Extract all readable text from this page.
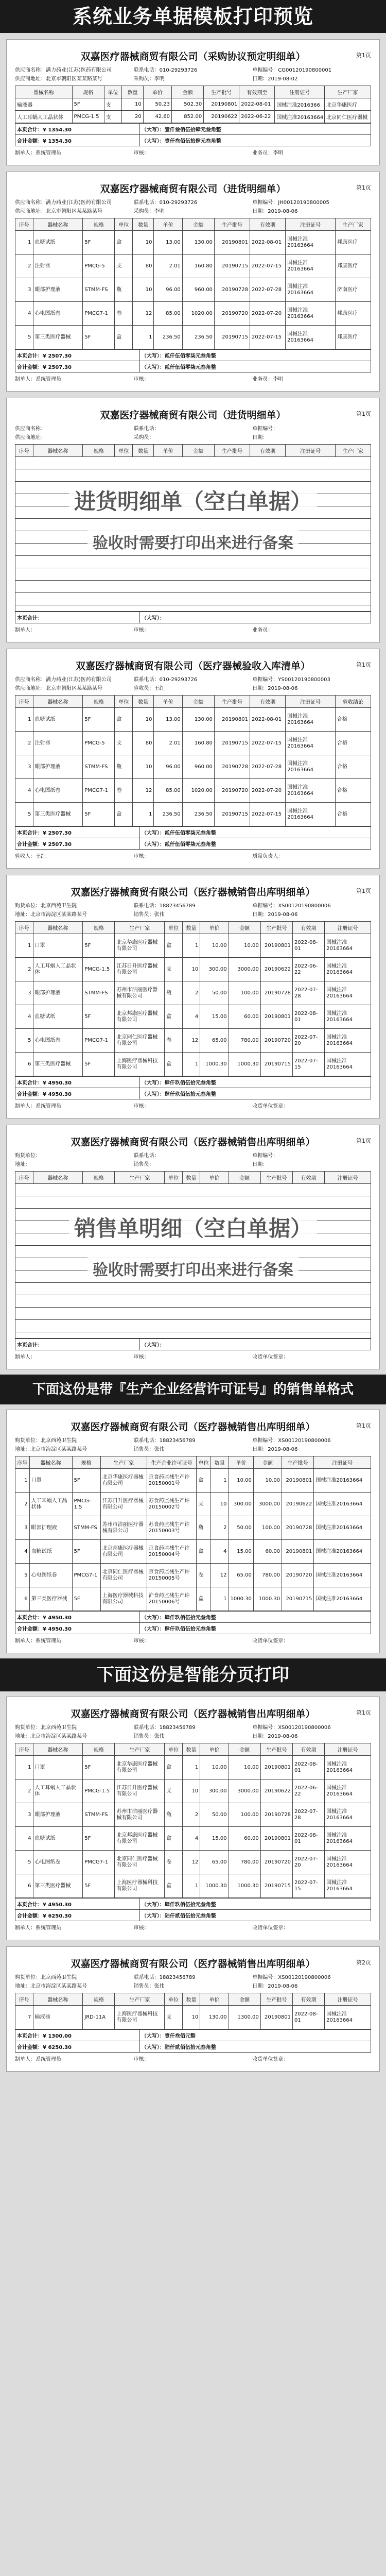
系统业务单据模板打印预览
双嘉医疗器械商贸有限公司（采购协议预定明细单）	第1页
供应商名称：满力药业(江苏)医药有限公司	联系电话：010-29293726	单据编号：CG00120190800001
供应商地址：北京市朝阳区某某路某号	采购员：李明	日期：2019-08-02
器械名称	规格	单位	数量	单价	金额	生产批号	有效期至	注册证号	生产厂家
输液器	5F	支	10	50.23	502.30	20190801	2022-08-01	国械注准2016366	北京华康医疗
人工耳蜗人工晶状体	PMCG-1.5	支	20	42.60	852.00	20190622	2022-06-22	国械注准20163664	北京同仁医疗器械
本页合计：¥ 1354.30	（大写）：壹仟叁佰伍拾肆元叁角整
合计金额：¥ 1354.30	（大写）：壹仟叁佰伍拾肆元叁角整
制单人：系统管理员	审核：	业务员：李明
双嘉医疗器械商贸有限公司（进货明细单）	第1页
供应商名称：满力药业(江苏)医药有限公司	联系电话：010-29293726	单据编号：JH00120190800005
供应商地址：北京市朝阳区某某路某号	采购员：李明	日期：2019-08-06
序号	器械名称	规格	单位	数量	单价	金额	生产批号	有效期	注册证号	生产厂家
1	血糖试纸	5F	盒	10	13.00	130.00	20190801	2022-08-01	国械注准20163664	邦康医疗
2	注射器	PMCG-5	支	80	2.01	160.80	20190715	2022-07-15	国械注准20163664	邦康医疗
3	眼部护理液	STMM-FS	瓶	10	96.00	960.00	20190728	2022-07-28	国械注准20163664	济南医疗
4	心电图纸卷	PMCG7-1	卷	12	85.00	1020.00	20190720	2022-07-20	国械注准20163664	邦康医疗
5	第三类医疗器械	5F	盒	1	236.50	236.50	20190715	2022-07-15	国械注准20163664	邦康医疗
本页合计：¥ 2507.30	（大写）：贰仟伍佰零柒元叁角整
合计金额：¥ 2507.30	（大写）：贰仟伍佰零柒元叁角整
制单人：系统管理员	审核：	业务员：李明
双嘉医疗器械商贸有限公司（进货明细单）	第1页
供应商名称：	联系电话：	单据编号：
供应商地址：	采购员：	日期：
序号	器械名称	规格	单位	数量	单价	金额	生产批号	有效期	注册证号	生产厂家
进货明细单（空白单据）
验收时需要打印出来进行备案
本页合计：	（大写）：
制单人：	审核：	业务员：
双嘉医疗器械商贸有限公司（医疗器械验收入库清单）	第1页
供应商名称：满力药业(江苏)医药有限公司	联系电话：010-29293726	单据编号：YS00120190800003
供应商地址：北京市朝阳区某某路某号	验收员：王红	日期：2019-08-06
序号	器械名称	规格	单位	数量	单价	金额	生产批号	有效期	注册证号	验收结论
1	血糖试纸	5F	盒	10	13.00	130.00	20190801	2022-08-01	国械注准20163664	合格
2	注射器	PMCG-5	支	80	2.01	160.80	20190715	2022-07-15	国械注准20163664	合格
3	眼部护理液	STMM-FS	瓶	10	96.00	960.00	20190728	2022-07-28	国械注准20163664	合格
4	心电图纸卷	PMCG7-1	卷	12	85.00	1020.00	20190720	2022-07-20	国械注准20163664	合格
5	第三类医疗器械	5F	盒	1	236.50	236.50	20190715	2022-07-15	国械注准20163664	合格
本页合计：¥ 2507.30	（大写）：贰仟伍佰零柒元叁角整
合计金额：¥ 2507.30	（大写）：贰仟伍佰零柒元叁角整
验收人：王红	审核：	质量负责人：
双嘉医疗器械商贸有限公司（医疗器械销售出库明细单）	第1页
购货单位：北京西苑卫生院	联系电话：18823456789	单据编号：XS00120190800006
地址：北京市海淀区某某路某号	销售员：张伟	日期：2019-08-06
序号	器械名称	规格	生产厂家	单位	数量	单价	金额	生产批号	有效期	注册证号
1	口罩	5F	北京华康医疗器械有限公司	盒	1	10.00	10.00	20190801	2022-08-01	国械注准20163664
2	人工耳蜗人工晶状体	PMCG-1.5	江苏日升医疗器械有限公司	支	10	300.00	3000.00	20190622	2022-06-22	国械注准20163664
3	眼部护理液	STMM-FS	苏州市洁丽医疗器械有限公司	瓶	2	50.00	100.00	20190728	2022-07-28	国械注准20163664
4	血糖试纸	5F	北京邦康医疗器械有限公司	盒	4	15.00	60.00	20190801	2022-08-01	国械注准20163664
5	心电图纸卷	PMCG7-1	北京同仁医疗器械有限公司	卷	12	65.00	780.00	20190720	2022-07-20	国械注准20163664
6	第三类医疗器械	5F	上海医疗器械科技有限公司	盒	1	1000.30	1000.30	20190715	2022-07-15	国械注准20163664
本页合计：¥ 4950.30	（大写）：肆仟玖佰伍拾元叁角整
合计金额：¥ 4950.30	（大写）：肆仟玖佰伍拾元叁角整
制单人：系统管理员	审核：	收货单位签章：
双嘉医疗器械商贸有限公司（医疗器械销售出库明细单）	第1页
购货单位：	联系电话：	单据编号：
地址：	销售员：	日期：
序号	器械名称	规格	生产厂家	单位	数量	单价	金额	生产批号	有效期	注册证号
销售单明细（空白单据）
验收时需要打印出来进行备案
本页合计：	（大写）：
制单人：	审核：	收货单位签章：
下面这份是带『生产企业经营许可证号』的销售单格式
双嘉医疗器械商贸有限公司（医疗器械销售出库明细单）	第1页
购货单位：北京西苑卫生院	联系电话：18823456789	单据编号：XS00120190800006
地址：北京市海淀区某某路某号	销售员：张伟	日期：2019-08-06
序号	器械名称	规格	生产厂家	生产企业许可证号	单位	数量	单价	金额	生产批号	注册证号
1	口罩	5F	北京华康医疗器械有限公司	京食药监械生产许20150001号	盒	1	10.00	10.00	20190801	国械注准20163664
2	人工耳蜗人工晶状体	PMCG-1.5	江苏日升医疗器械有限公司	苏食药监械生产许20150002号	支	10	300.00	3000.00	20190622	国械注准20163664
3	眼部护理液	STMM-FS	苏州市洁丽医疗器械有限公司	苏食药监械生产许20150003号	瓶	2	50.00	100.00	20190728	国械注准20163664
4	血糖试纸	5F	北京邦康医疗器械有限公司	京食药监械生产许20150004号	盒	4	15.00	60.00	20190801	国械注准20163664
5	心电图纸卷	PMCG7-1	北京同仁医疗器械有限公司	京食药监械生产许20150005号	卷	12	65.00	780.00	20190720	国械注准20163664
6	第三类医疗器械	5F	上海医疗器械科技有限公司	沪食药监械生产许20150006号	盒	1	1000.30	1000.30	20190715	国械注准20163664
本页合计：¥ 4950.30	（大写）：肆仟玖佰伍拾元叁角整
合计金额：¥ 4950.30	（大写）：肆仟玖佰伍拾元叁角整
制单人：系统管理员	审核：	收货单位签章：
下面这份是智能分页打印
双嘉医疗器械商贸有限公司（医疗器械销售出库明细单）	第1页
购货单位：北京西苑卫生院	联系电话：18823456789	单据编号：XS00120190800006
地址：北京市海淀区某某路某号	销售员：张伟	日期：2019-08-06
序号	器械名称	规格	生产厂家	单位	数量	单价	金额	生产批号	有效期	注册证号
1	口罩	5F	北京华康医疗器械有限公司	盒	1	10.00	10.00	20190801	2022-08-01	国械注准20163664
2	人工耳蜗人工晶状体	PMCG-1.5	江苏日升医疗器械有限公司	支	10	300.00	3000.00	20190622	2022-06-22	国械注准20163664
3	眼部护理液	STMM-FS	苏州市洁丽医疗器械有限公司	瓶	2	50.00	100.00	20190728	2022-07-28	国械注准20163664
4	血糖试纸	5F	北京邦康医疗器械有限公司	盒	4	15.00	60.00	20190801	2022-08-01	国械注准20163664
5	心电图纸卷	PMCG7-1	北京同仁医疗器械有限公司	卷	12	65.00	780.00	20190720	2022-07-20	国械注准20163664
6	第三类医疗器械	5F	上海医疗器械科技有限公司	盒	1	1000.30	1000.30	20190715	2022-07-15	国械注准20163664
本页合计：¥ 4950.30	（大写）：肆仟玖佰伍拾元叁角整
合计金额：¥ 6250.30	（大写）：陆仟贰佰伍拾元叁角整
制单人：系统管理员	审核：	收货单位签章：
双嘉医疗器械商贸有限公司（医疗器械销售出库明细单）	第2页
购货单位：北京西苑卫生院	联系电话：18823456789	单据编号：XS00120190800006
地址：北京市海淀区某某路某号	销售员：张伟	日期：2019-08-06
序号	器械名称	规格	生产厂家	单位	数量	单价	金额	生产批号	有效期	注册证号
7	输液器	JRD-11A	上海医疗器械科技有限公司	支	10	130.00	1300.00	20190801	2022-08-01	国械注准20163664
本页合计：¥ 1300.00	（大写）：壹仟叁佰元整
合计金额：¥ 6250.30	（大写）：陆仟贰佰伍拾元叁角整
制单人：系统管理员	审核：	收货单位签章：
